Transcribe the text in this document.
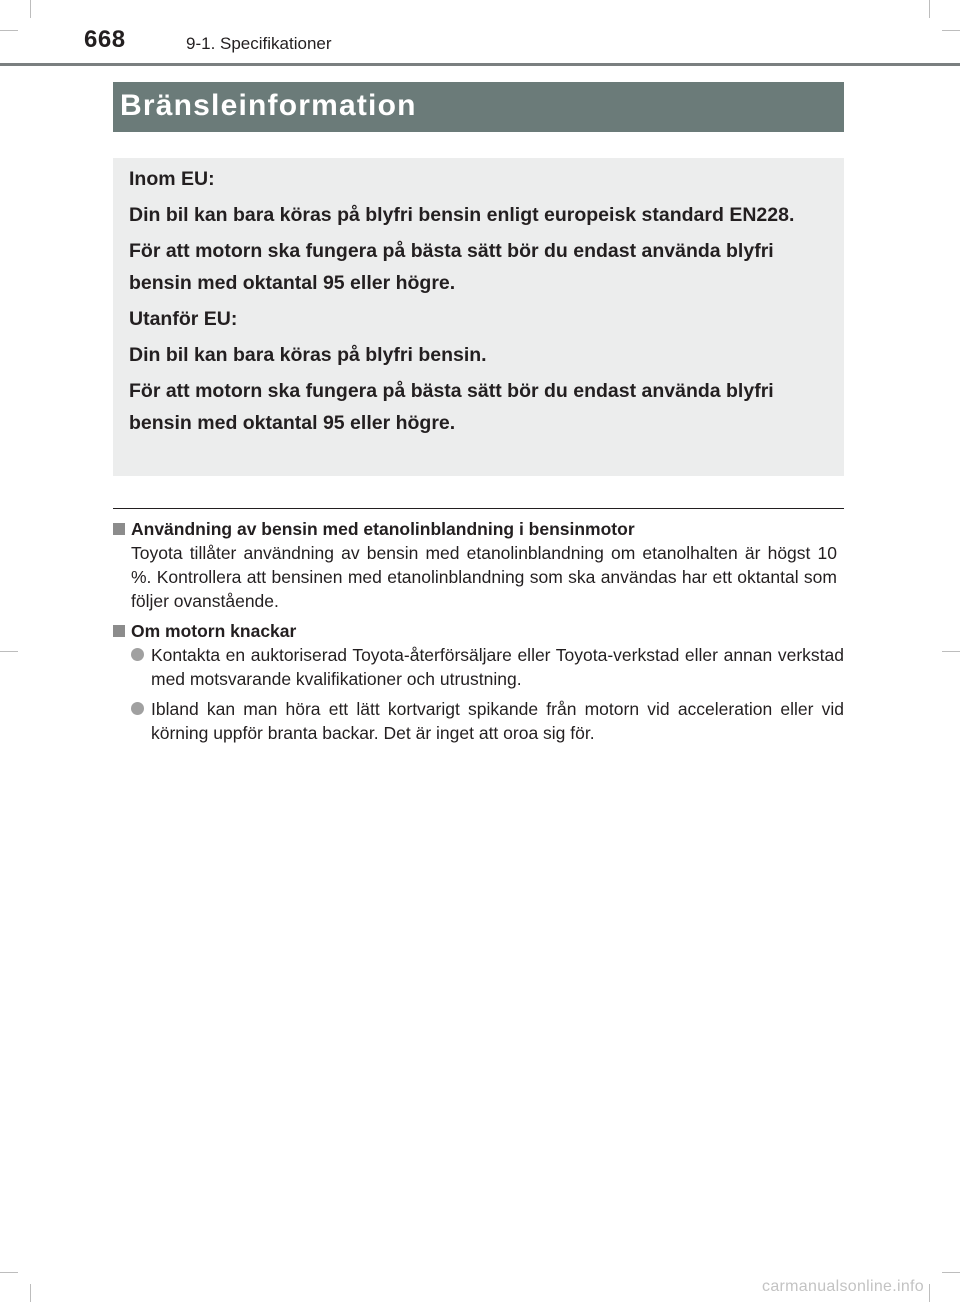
668	9-1. Specifikationer
Bränsleinformation

Inom EU:

Din bil kan bara köras på blyfri bensin enligt europeisk standard EN228.

För att motorn ska fungera på bästa sätt bör du endast använda blyfri bensin med oktantal 95 eller högre.

Utanför EU:

Din bil kan bara köras på blyfri bensin.

För att motorn ska fungera på bästa sätt bör du endast använda blyfri bensin med oktantal 95 eller högre.

Användning av bensin med etanolinblandning i bensinmotor
Toyota tillåter användning av bensin med etanolinblandning om etanolhalten är högst 10 %. Kontrollera att bensinen med etanolinblandning som ska användas har ett oktantal som följer ovanstående.
Om motorn knackar
Kontakta en auktoriserad Toyota-återförsäljare eller Toyota-verkstad eller annan verkstad med motsvarande kvalifikationer och utrustning.
Ibland kan man höra ett lätt kortvarigt spikande från motorn vid acceleration eller vid körning uppför branta backar. Det är inget att oroa sig för.
carmanualsonline.info
